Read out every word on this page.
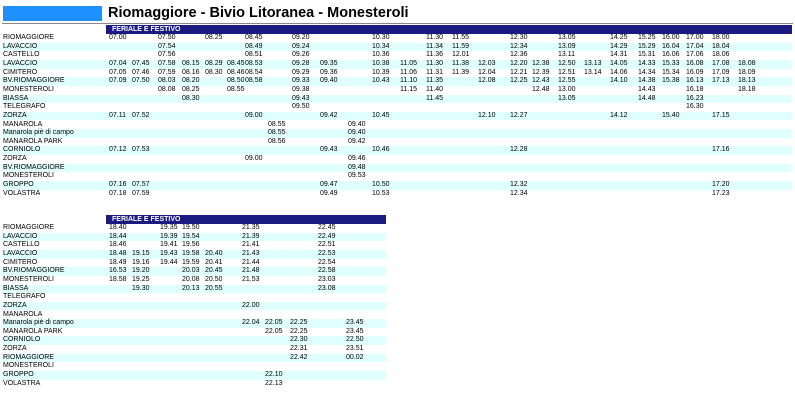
Riomaggiore - Bivio Litoranea - Monesteroli
FERIALE E FESTIVO
RIOMAGGIORE	07.00	07.50	08.25	08.45	09.20	10.30	11.30 11.55	12.30	13.05	14.25 15.25 16.00 17.00 18.00
LAVACCIO	07.54	08.49	09.24	10.34	11.34 11.59	12.34	13.09	14.29 15.29 16.04 17.04 18.04
CASTELLO	07.56	08.51	09.26	10.36	11.36 12.01	12.36	13.11	14.31 15.31 16.06 17.06 18.06
LAVACCIO	07.04 07.45 07.58 08.15 08.29 08.45 08.53	09.28 09.35	10.38 11.05 11.30 11.38 12.03 12.20 12.38 12.50 13.13 14.05 14.33 15.33 16.08 17.08 18.08
CIMITERO	07.05 07.46 07.59 08.16 08.30 08.46 08.54	09.29 09.36	10.39 11.06 11.31 11.39 12.04 12.21 12.39 12.51 13.14 14.06 14.34 15.34 16.09 17.09 18.09
BV.RIOMAGGIORE	07.09 07.50 08.03 08.20	08.50 08.58	09.33 09.40	10.43 11.10 11.35	12.08 12.25 12.43 12.55	14.10 14.38 15.38 16.13 17.13 18.13
MONESTEROLI	08.08 08.25	08.55	09.38	11.15 11.40	12.48 13.00	14.43	16.18	18.18
BIASSA	08.30	09.43	11.45	13.05	14.48	16.23
TELEGRAFO	09.50	16.30
ZORZA	07.11 07.52	09.00	09.42	10.45	12.10 12.27	14.12	15.40	17.15
MANAROLA	08.55	09.40
Manarola piè di campo	08.55	09.40
MANAROLA PARK	08.56	09.42
CORNIOLO	07.12 07.53	09.43	10.46	12.28	17.16
ZORZA	09.00	09.46
BV.RIOMAGGIORE	09.48
MONESTEROLI	09.53
GROPPO	07.16 07.57	09.47	10.50	12.32	17.20
VOLASTRA	07.18 07.59	09.49	10.53	12.34	17.23
FERIALE E FESTIVO
RIOMAGGIORE	18.40	19.35 19.50	21.35	22.45
LAVACCIO	18.44	19.39 19.54	21.39	22.49
CASTELLO	18.46	19.41 19.56	21.41	22.51
LAVACCIO	18.48 19.15 19.43 19.58 20.40	21.43	22.53
CIMITERO	18.49 19.16 19.44 19.59 20.41	21.44	22.54
BV.RIOMAGGIORE	16.53 19.20	20.03 20.45	21.48	22.58
MONESTEROLI	18.58 19.25	20.08 20.50	21.53	23.03
BIASSA	19.30	20.13 20.55	23.08
TELEGRAFO
ZORZA	22.00
MANAROLA
Manarola piè di campo	22.04 22.05 22.25	23.45
MANAROLA PARK	22.05 22.25	23.45
CORNIOLO	22.30	22.50
ZORZA	22.31	23.51
RIOMAGGIORE	22.42	00.02
MONESTEROLI
GROPPO	22.10
VOLASTRA	22.13
